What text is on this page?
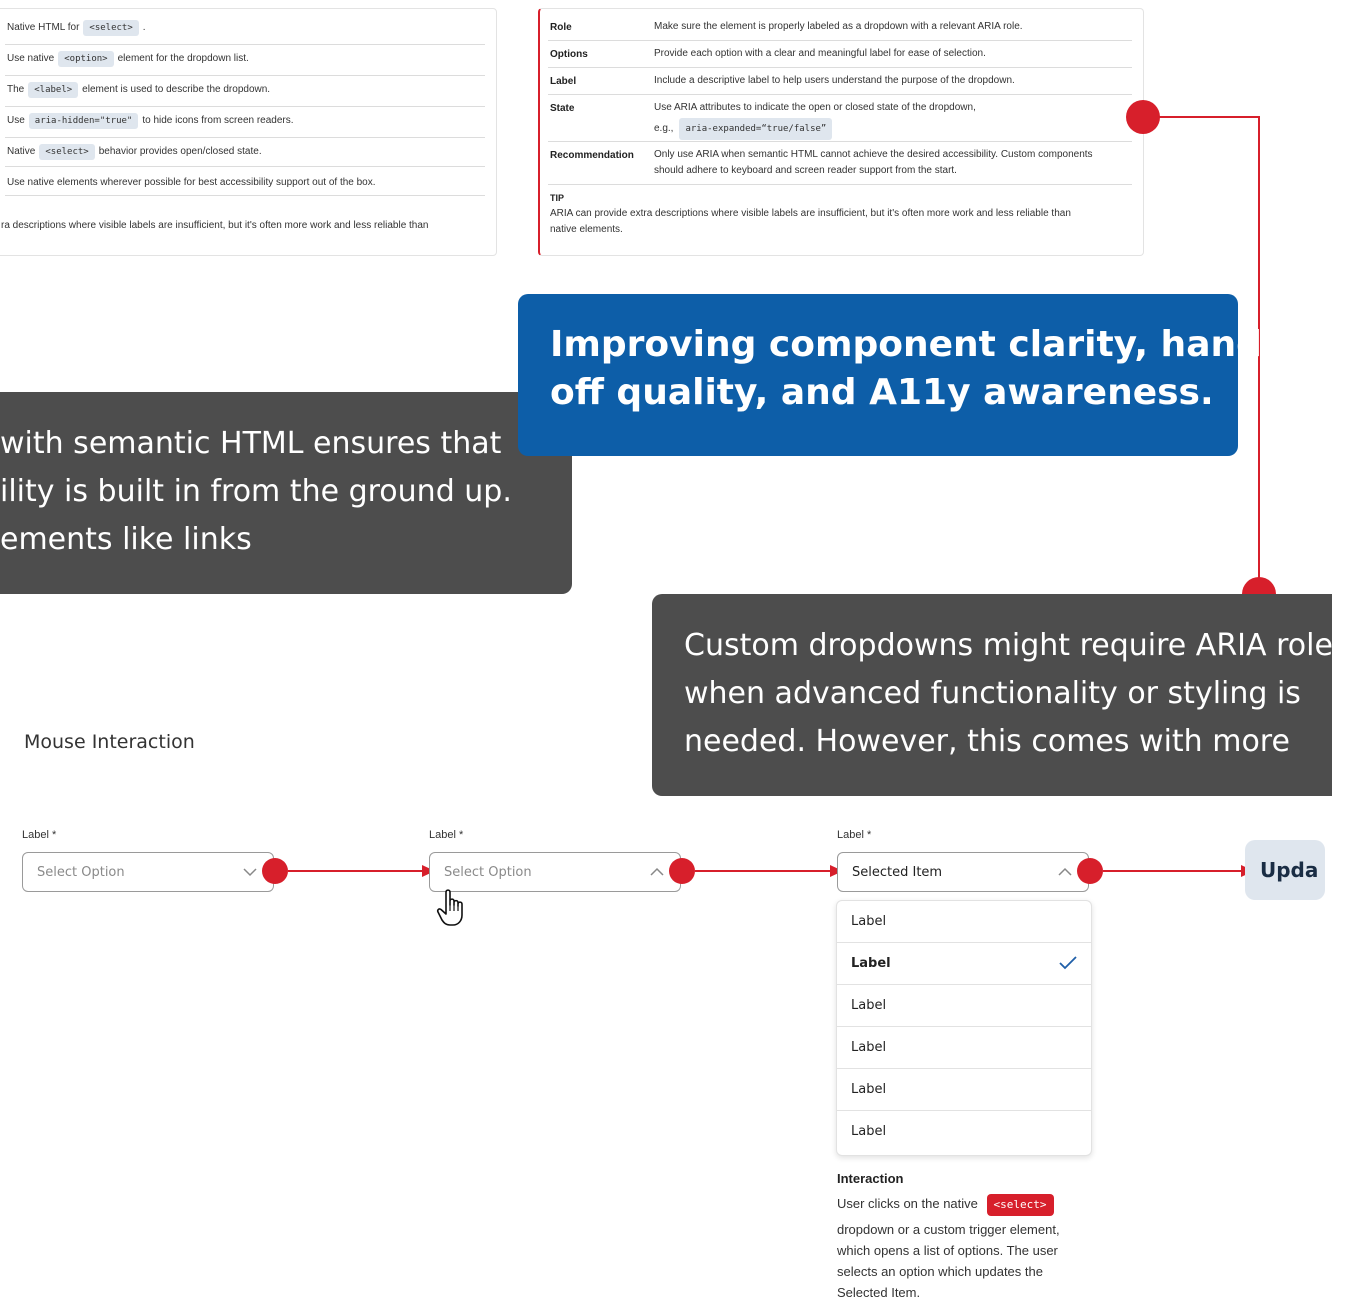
Native HTML for <select> .
Use native <option> element for the dropdown list.
The <label> element is used to describe the dropdown.
Use aria-hidden="true" to hide icons from screen readers.
Native <select> behavior provides open/closed state.
Use native elements wherever possible for best accessibility support out of the box.
ra descriptions where visible labels are insufficient, but it's often more work and less reliable than
Role	Make sure the element is properly labeled as a dropdown with a relevant ARIA role.
Options	Provide each option with a clear and meaningful label for ease of selection.
Label	Include a descriptive label to help users understand the purpose of the dropdown.
State	Use ARIA attributes to indicate the open or closed state of the dropdown,
e.g., aria-expanded=“true/false”
Recommendation Only use ARIA when semantic HTML cannot achieve the desired accessibility. Custom components
should adhere to keyboard and screen reader support from the start.
TIP
ARIA can provide extra descriptions where visible labels are insufficient, but it's often more work and less reliable than
native elements.
with semantic HTML ensures that
ility is built in from the ground up.
ements like links
Improving component clarity, hand-
off quality, and A11y awareness.
Custom dropdowns might require ARIA roles
when advanced functionality or styling is
needed. However, this comes with more
Mouse Interaction
Label *
Select Option
Label *
Select Option
Label *
Selected Item
Label
Label
Label
Label
Label
Label
Upda
Interaction
User clicks on the native <select>
dropdown or a custom trigger element,
which opens a list of options. The user
selects an option which updates the
Selected Item.
